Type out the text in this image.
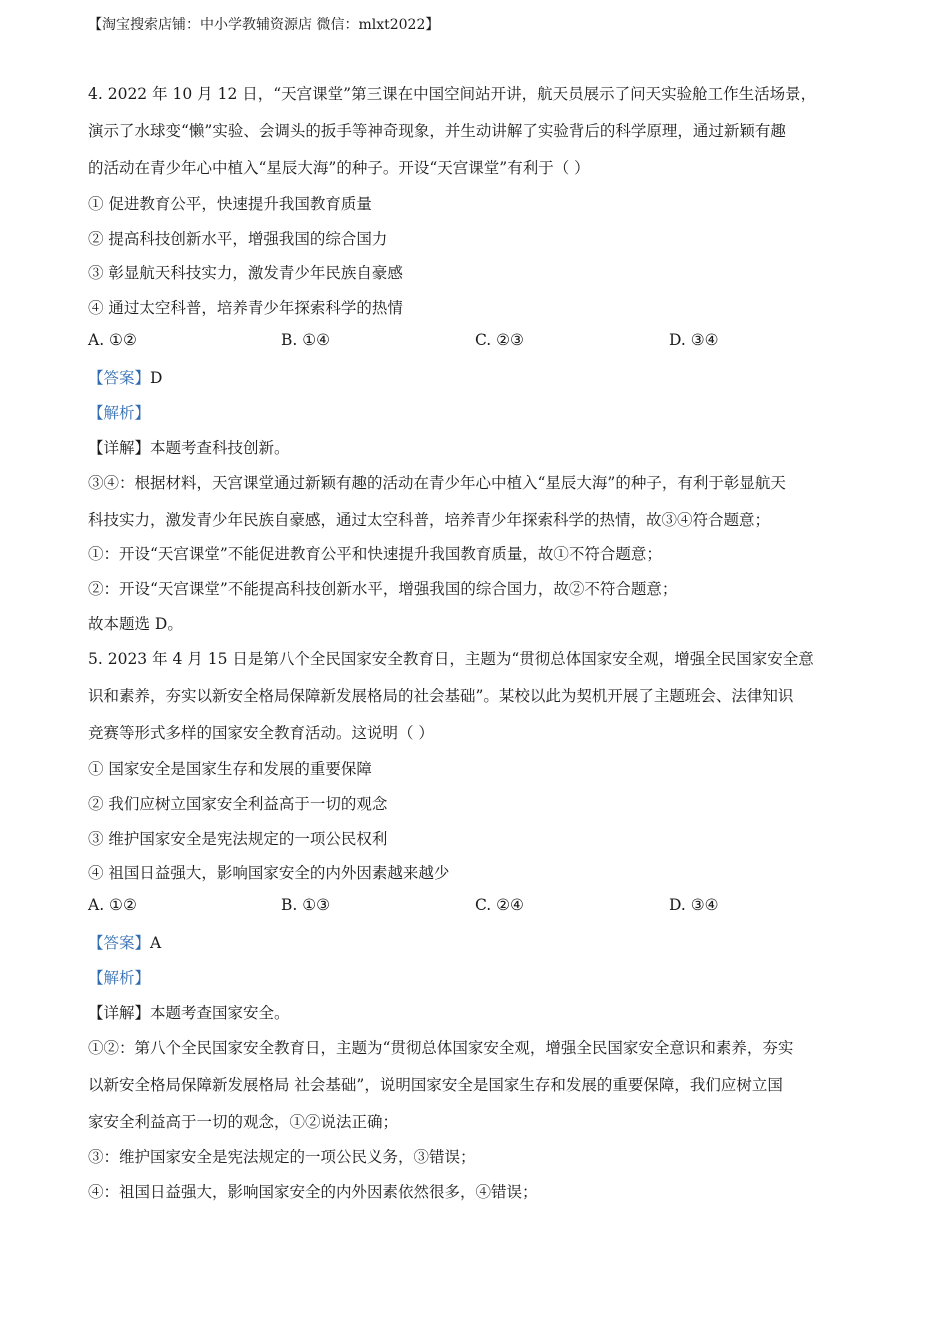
【淘宝搜索店铺：中小学教辅资源店 微信：mlxt2022】
4. 2022 年 10 月 12 日，“天宫课堂”第三课在中国空间站开讲，航天员展示了问天实验舱工作生活场景，
演示了水球变“懒”实验、会调头的扳手等神奇现象，并生动讲解了实验背后的科学原理，通过新颖有趣
的活动在青少年心中植入“星辰大海”的种子。开设“天宫课堂”有利于（ ）
① 促进教育公平，快速提升我国教育质量
② 提高科技创新水平，增强我国的综合国力
③ 彰显航天科技实力，激发青少年民族自豪感
④ 通过太空科普，培养青少年探索科学的热情
A. ①②	B. ①④	C. ②③	D. ③④
【答案】D
【解析】
【详解】本题考查科技创新。
③④：根据材料，天宫课堂通过新颖有趣的活动在青少年心中植入“星辰大海”的种子，有利于彰显航天
科技实力，激发青少年民族自豪感，通过太空科普，培养青少年探索科学的热情，故③④符合题意；
①：开设“天宫课堂”不能促进教育公平和快速提升我国教育质量，故①不符合题意；
②：开设“天宫课堂”不能提高科技创新水平，增强我国的综合国力，故②不符合题意；
故本题选 D。
5. 2023 年 4 月 15 日是第八个全民国家安全教育日，主题为“贯彻总体国家安全观，增强全民国家安全意
识和素养，夯实以新安全格局保障新发展格局的社会基础”。某校以此为契机开展了主题班会、法律知识
竞赛等形式多样的国家安全教育活动。这说明（ ）
① 国家安全是国家生存和发展的重要保障
② 我们应树立国家安全利益高于一切的观念
③ 维护国家安全是宪法规定的一项公民权利
④ 祖国日益强大，影响国家安全的内外因素越来越少
A. ①②	B. ①③	C. ②④	D. ③④
【答案】A
【解析】
【详解】本题考查国家安全。
①②：第八个全民国家安全教育日，主题为“贯彻总体国家安全观，增强全民国家安全意识和素养，夯实
以新安全格局保障新发展格局 社会基础”，说明国家安全是国家生存和发展的重要保障，我们应树立国
家安全利益高于一切的观念，①②说法正确；
③：维护国家安全是宪法规定的一项公民义务，③错误；
④：祖国日益强大，影响国家安全的内外因素依然很多，④错误；
